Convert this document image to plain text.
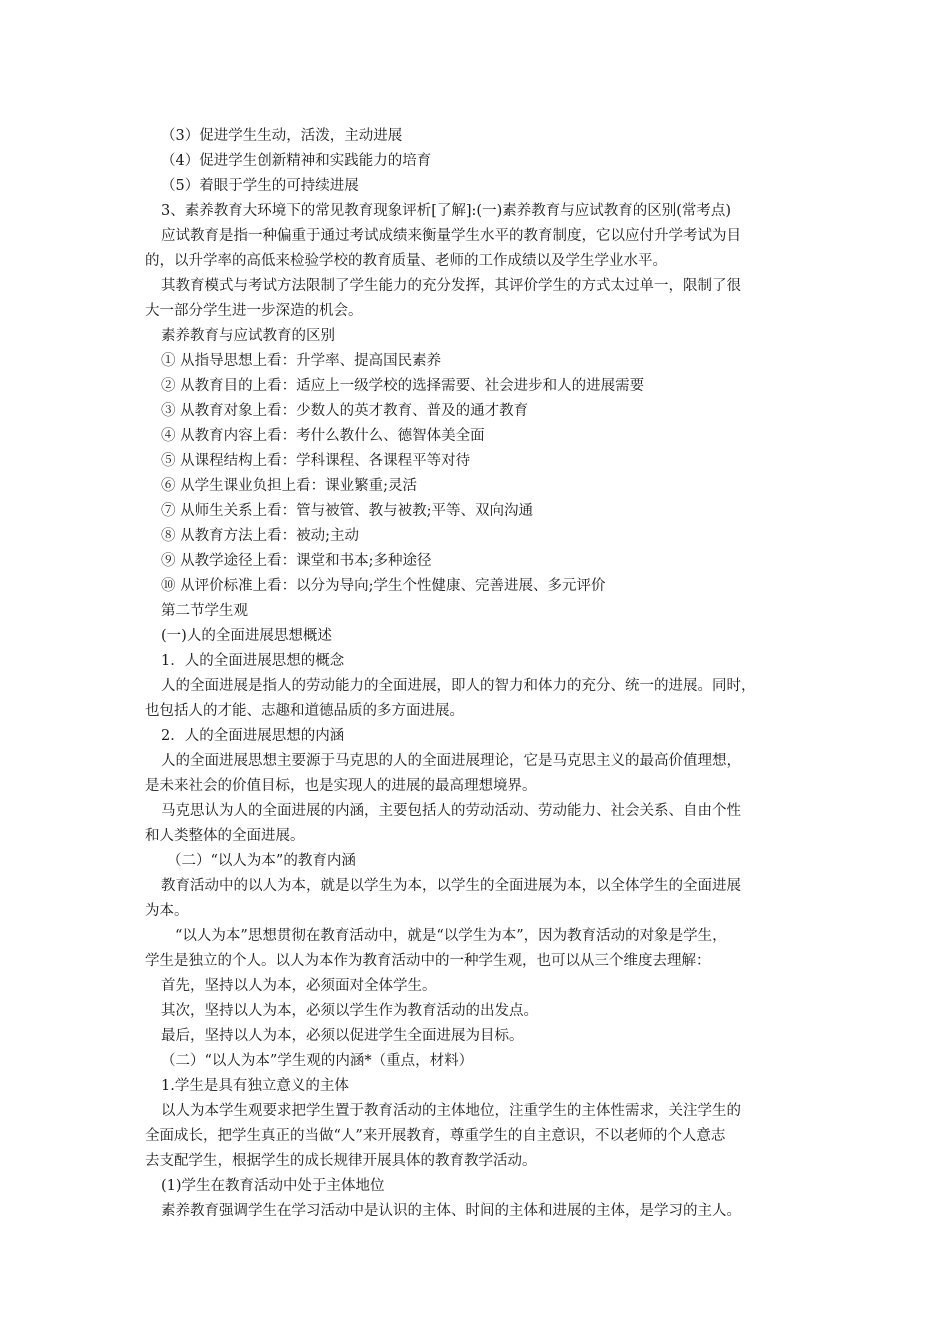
（3）促进学生生动，活泼，主动进展
（4）促进学生创新精神和实践能力的培育
（5）着眼于学生的可持续进展
3、素养教育大环境下的常见教育现象评析[了解]:(一)素养教育与应试教育的区别(常考点)
应试教育是指一种偏重于通过考试成绩来衡量学生水平的教育制度，它以应付升学考试为目
的，以升学率的高低来检验学校的教育质量、老师的工作成绩以及学生学业水平。
其教育模式与考试方法限制了学生能力的充分发挥，其评价学生的方式太过单一，限制了很
大一部分学生进一步深造的机会。
素养教育与应试教育的区别
① 从指导思想上看：升学率、提高国民素养
② 从教育目的上看：适应上一级学校的选择需要、社会进步和人的进展需要
③ 从教育对象上看：少数人的英才教育、普及的通才教育
④ 从教育内容上看：考什么教什么、德智体美全面
⑤ 从课程结构上看：学科课程、各课程平等对待
⑥ 从学生课业负担上看：课业繁重;灵活
⑦ 从师生关系上看：管与被管、教与被教;平等、双向沟通
⑧ 从教育方法上看：被动;主动
⑨ 从教学途径上看：课堂和书本;多种途径
⑩ 从评价标准上看：以分为导向;学生个性健康、完善进展、多元评价
第二节学生观
(一)人的全面进展思想概述
1．人的全面进展思想的概念
人的全面进展是指人的劳动能力的全面进展，即人的智力和体力的充分、统一的进展。同时，
也包括人的才能、志趣和道德品质的多方面进展。
2．人的全面进展思想的内涵
人的全面进展思想主要源于马克思的人的全面进展理论，它是马克思主义的最高价值理想，
是未来社会的价值目标，也是实现人的进展的最高理想境界。
马克思认为人的全面进展的内涵，主要包括人的劳动活动、劳动能力、社会关系、自由个性
和人类整体的全面进展。
（二）“以人为本”的教育内涵
教育活动中的以人为本，就是以学生为本，以学生的全面进展为本，以全体学生的全面进展
为本。
“以人为本”思想贯彻在教育活动中，就是“以学生为本”，因为教育活动的对象是学生，
学生是独立的个人。以人为本作为教育活动中的一种学生观，也可以从三个维度去理解：
首先，坚持以人为本，必须面对全体学生。
其次，坚持以人为本，必须以学生作为教育活动的出发点。
最后，坚持以人为本，必须以促进学生全面进展为目标。
（二）“以人为本”学生观的内涵*（重点，材料）
1.学生是具有独立意义的主体
以人为本学生观要求把学生置于教育活动的主体地位，注重学生的主体性需求，关注学生的
全面成长，把学生真正的当做“人”来开展教育，尊重学生的自主意识，不以老师的个人意志
去支配学生，根据学生的成长规律开展具体的教育教学活动。
(1)学生在教育活动中处于主体地位
素养教育强调学生在学习活动中是认识的主体、时间的主体和进展的主体，是学习的主人。
